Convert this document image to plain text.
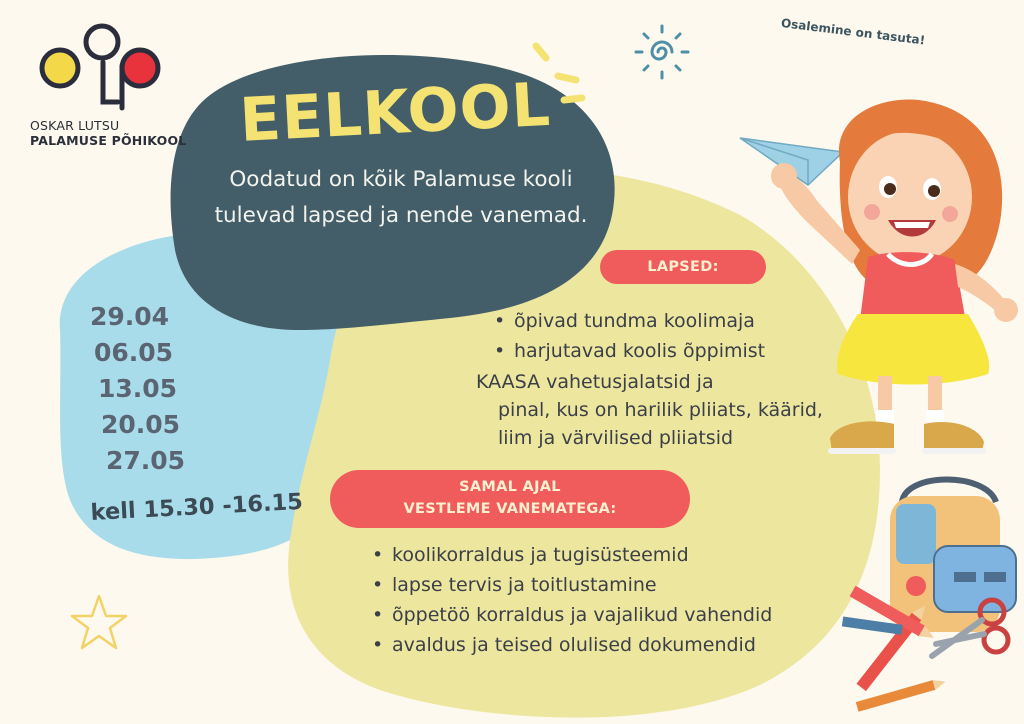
OSKAR LUTSU
PALAMUSE PÕHIKOOL
Osalemine on tasuta!
EELKOOL
Oodatud on kõik Palamuse kooli tulevad lapsed ja nende vanemad.
29.04
06.05
13.05
20.05
27.05
kell 15.30 -16.15
LAPSED:
• õpivad tundma koolimaja
• harjutavad koolis õppimist
KAASA vahetusjalatsid ja
pinal, kus on harilik pliiats, käärid,
liim ja värvilised pliiatsid
SAMAL AJAL
VESTLEME VANEMATEGA:
• koolikorraldus ja tugisüsteemid
• lapse tervis ja toitlustamine
• õppetöö korraldus ja vajalikud vahendid
• avaldus ja teised olulised dokumendid
